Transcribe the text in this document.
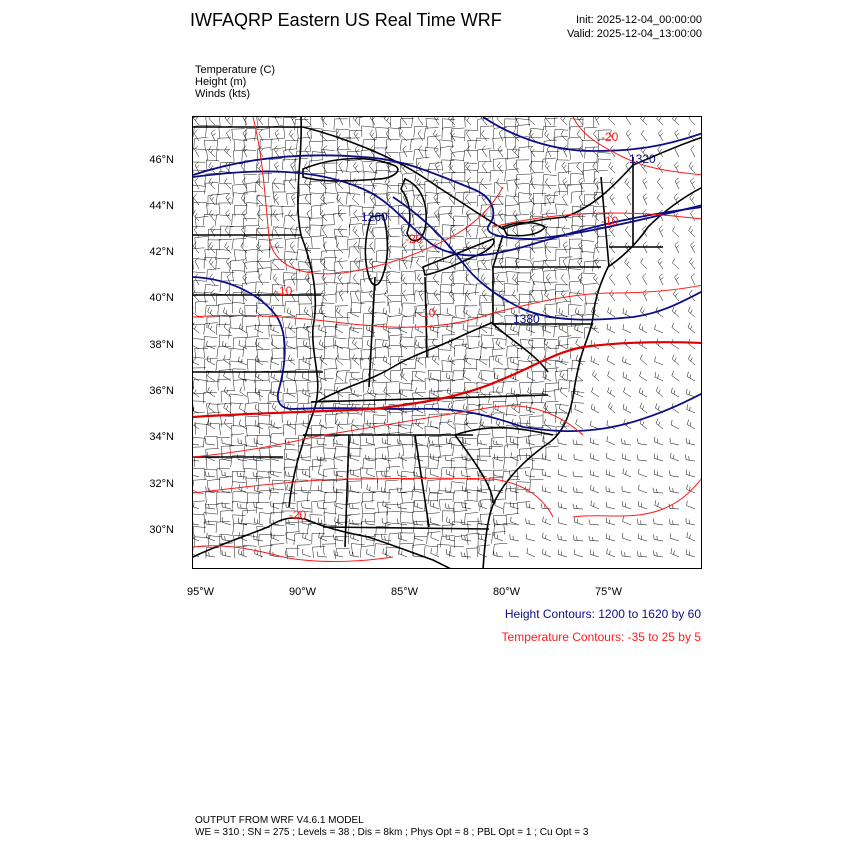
IWFAQRP Eastern US Real Time WRF	Init: 2025-12-04_00:00:00
Valid: 2025-12-04_13:00:00
Temperature (C)
Height (m)
Winds (kts)
-20
-20
-10
-10
-10
-20
1320
1260
1380
46°N
44°N
42°N
40°N
38°N
36°N
34°N
32°N
30°N
95°W	90°W	85°W	80°W	75°W
Height Contours: 1200 to 1620 by 60
Temperature Contours: -35 to 25 by 5
OUTPUT FROM WRF V4.6.1 MODEL
WE = 310 ; SN = 275 ; Levels = 38 ; Dis = 8km ; Phys Opt = 8 ; PBL Opt = 1 ; Cu Opt = 3
